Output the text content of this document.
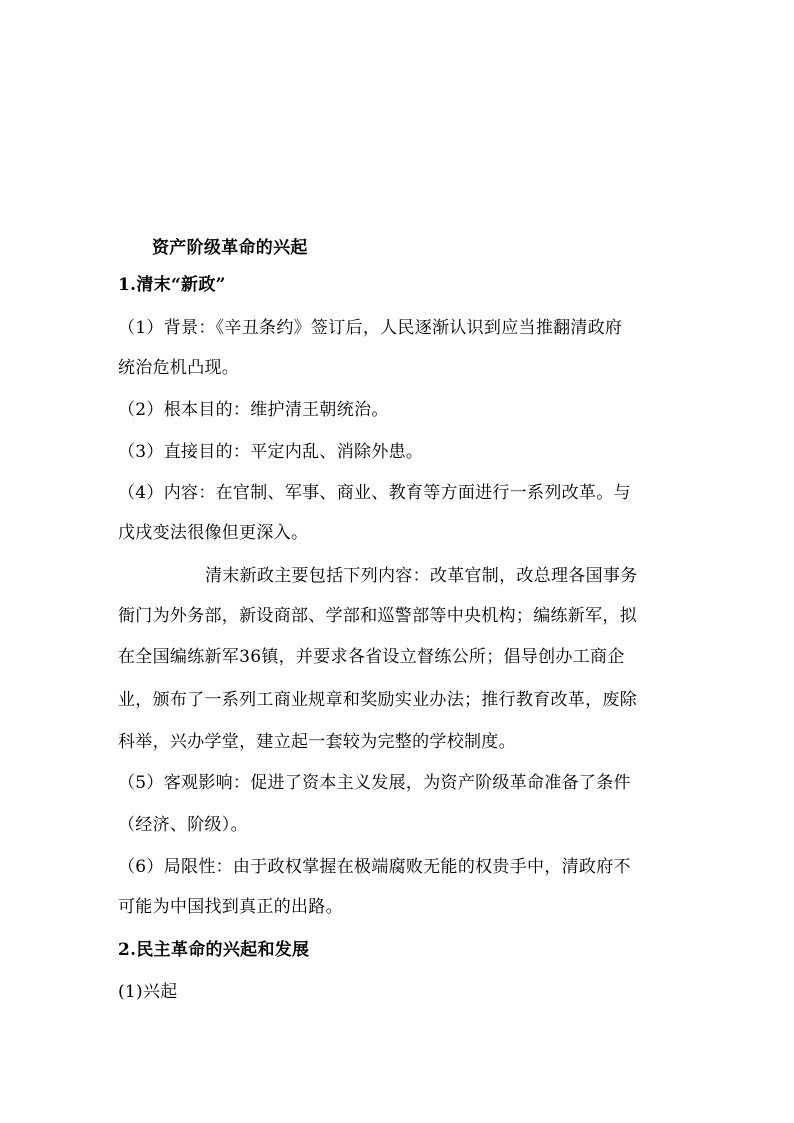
资产阶级革命的兴起
1.清末“新政”
（1）背景：《辛丑条约》签订后，人民逐渐认识到应当推翻清政府
统治危机凸现。
（2）根本目的：维护清王朝统治。
（3）直接目的：平定内乱、消除外患。
（4）内容：在官制、军事、商业、教育等方面进行一系列改革。与
戊戌变法很像但更深入。
清末新政主要包括下列内容：改革官制，改总理各国事务
衙门为外务部，新设商部、学部和巡警部等中央机构；编练新军，拟
在全国编练新军36镇，并要求各省设立督练公所；倡导创办工商企
业，颁布了一系列工商业规章和奖励实业办法；推行教育改革，废除
科举，兴办学堂，建立起一套较为完整的学校制度。
（5）客观影响：促进了资本主义发展，为资产阶级革命准备了条件
（经济、阶级）。
（6）局限性：由于政权掌握在极端腐败无能的权贵手中，清政府不
可能为中国找到真正的出路。
2.民主革命的兴起和发展
(1)兴起
